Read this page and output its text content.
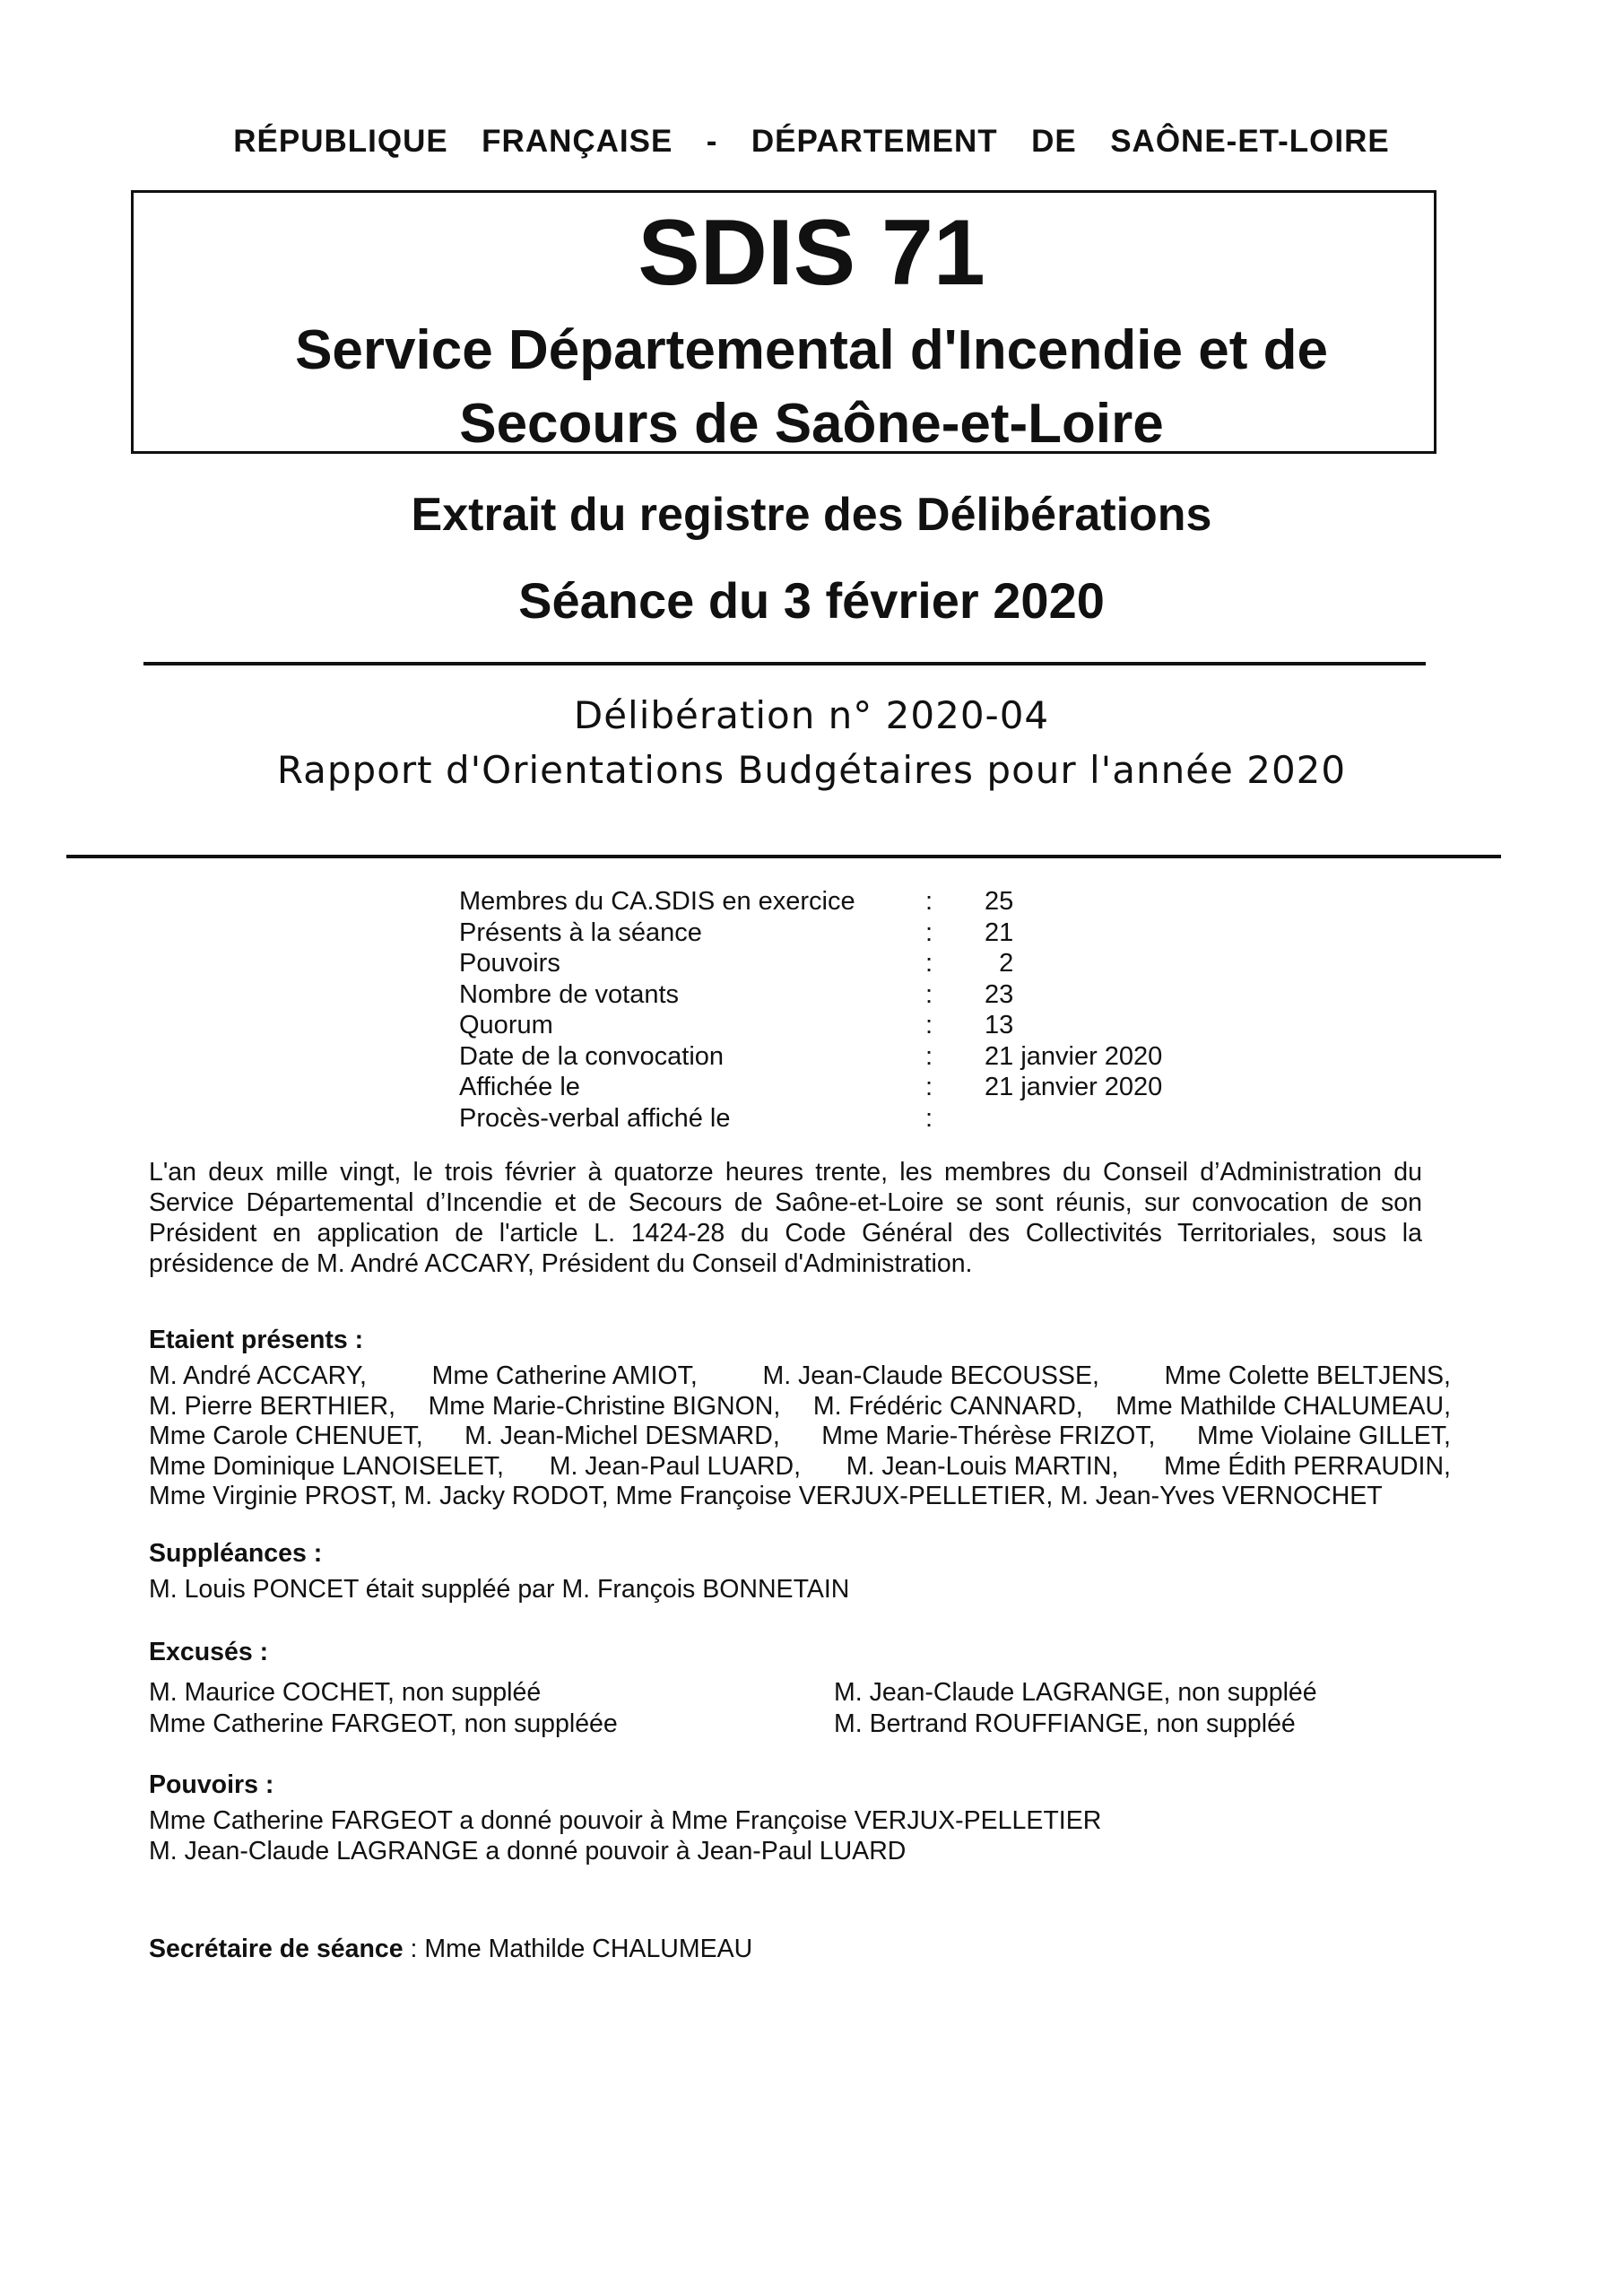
RÉPUBLIQUE  FRANÇAISE  -  DÉPARTEMENT  DE  SAÔNE-ET-LOIRE
SDIS 71
Service Départemental d'Incendie et de
Secours de Saône-et-Loire
Extrait du registre des Délibérations
Séance du 3 février 2020
Délibération n° 2020-04
Rapport d'Orientations Budgétaires pour l'année 2020
Membres du CA.SDIS en exercice	: 25
Présents à la séance	: 21
Pouvoirs	: 2
Nombre de votants	: 23
Quorum	: 13
Date de la convocation	: 21 janvier 2020
Affichée le	: 21 janvier 2020
Procès-verbal affiché le	:
L'an deux mille vingt, le trois février à quatorze heures trente, les membres du Conseil d’Administration du Service Départemental d’Incendie et de Secours de Saône-et-Loire se sont réunis, sur convocation de son Président en application de l'article L. 1424-28 du Code Général des Collectivités Territoriales, sous la
présidence de M. André ACCARY, Président du Conseil d'Administration.
Etaient présents :
M. André ACCARY,	Mme Catherine AMIOT,	M. Jean-Claude BECOUSSE,	Mme Colette BELTJENS,
M. Pierre BERTHIER, Mme Marie-Christine BIGNON, M. Frédéric CANNARD, Mme Mathilde CHALUMEAU,
Mme Carole CHENUET, M. Jean-Michel DESMARD, Mme Marie-Thérèse FRIZOT, Mme Violaine GILLET,
Mme Dominique LANOISELET, M. Jean-Paul LUARD, M. Jean-Louis MARTIN, Mme Édith PERRAUDIN,
Mme Virginie PROST, M. Jacky RODOT, Mme Françoise VERJUX-PELLETIER, M. Jean-Yves VERNOCHET
Suppléances :
M. Louis PONCET était suppléé par M. François BONNETAIN
Excusés :
M. Maurice COCHET, non suppléé
Mme Catherine FARGEOT, non suppléée
M. Jean-Claude LAGRANGE, non suppléé
M. Bertrand ROUFFIANGE, non suppléé
Pouvoirs :
Mme Catherine FARGEOT a donné pouvoir à Mme Françoise VERJUX-PELLETIER
M. Jean-Claude LAGRANGE a donné pouvoir à Jean-Paul LUARD
Secrétaire de séance : Mme Mathilde CHALUMEAU
